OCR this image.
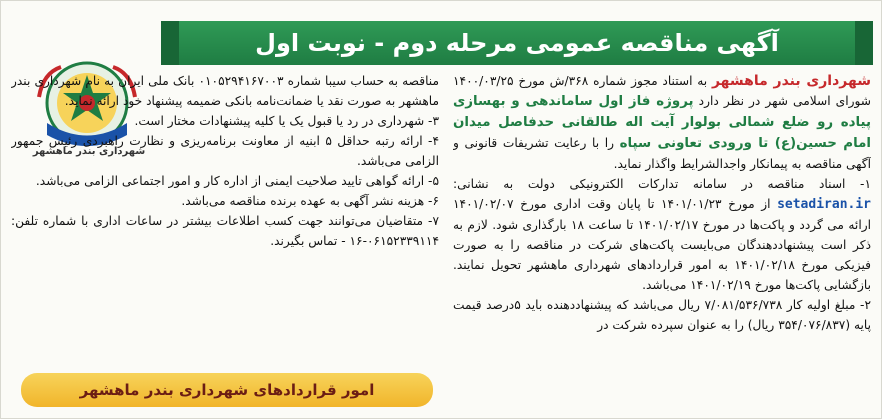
آگهی مناقصه عمومی مرحله دوم - نوبت اول
شهرداری بندر ماهشهر

شهرداری بندر ماهشهر به استناد مجوز شماره ۳۶۸/ش مورخ ۱۴۰۰/۰۳/۲۵ شورای اسلامی شهر در نظر دارد پروژه فاز اول ساماندهی و بهسازی پیاده رو ضلع شمالی بولوار آیت اله طالقانی حدفاصل میدان امام حسین(ع) تا ورودی تعاونی سپاه را با رعایت تشریفات قانونی و آگهی مناقصه به پیمانکار واجدالشرایط واگذار نماید.

۱- اسناد مناقصه در سامانه تدارکات الکترونیکی دولت به نشانی: setadiran.ir از مورخ ۱۴۰۱/۰۱/۲۳ تا پایان وقت اداری مورخ ۱۴۰۱/۰۲/۰۷ ارائه می گردد و پاکت‌ها در مورخ ۱۴۰۱/۰۲/۱۷ تا ساعت ۱۸ بارگذاری شود. لازم به ذکر است پیشنهاددهندگان می‌بایست پاکت‌های شرکت در مناقصه را به صورت فیزیکی مورخ ۱۴۰۱/۰۲/۱۸ به امور قراردادهای شهرداری ماهشهر تحویل نمایند. بازگشایی پاکت‌ها مورخ ۱۴۰۱/۰۲/۱۹ می‌باشد.

۲- مبلغ اولیه کار ۷/۰۸۱/۵۳۶/۷۳۸ ریال می‌باشد که پیشنهاددهنده باید ۵درصد قیمت پایه (۳۵۴/۰۷۶/۸۳۷ ریال) را به عنوان سپرده شرکت در

مناقصه به حساب سیبا شماره ۰۱۰۵۲۹۴۱۶۷۰۰۳ بانک ملی ایران به نام شهرداری بندر ماهشهر به صورت نقد یا ضمانت‌نامه بانکی ضمیمه پیشنهاد خود ارائه نماید.

۳- شهرداری در رد یا قبول یک یا کلیه پیشنهادات مختار است.

۴- ارائه رتبه حداقل ۵ ابنیه از معاونت برنامه‌ریزی و نظارت راهبردی رئیس جمهور الزامی می‌باشد.

۵- ارائه گواهی تایید صلاحیت ایمنی از اداره کار و امور اجتماعی الزامی می‌باشد.

۶- هزینه نشر آگهی به عهده برنده مناقصه می‌باشد.

۷- متقاضیان می‌توانند جهت کسب اطلاعات بیشتر در ساعات اداری با شماره تلفن: ۰۶۱۵۲۳۳۹۱۱۴-۱۶ - تماس بگیرند.

امور قراردادهای شهرداری بندر ماهشهر
